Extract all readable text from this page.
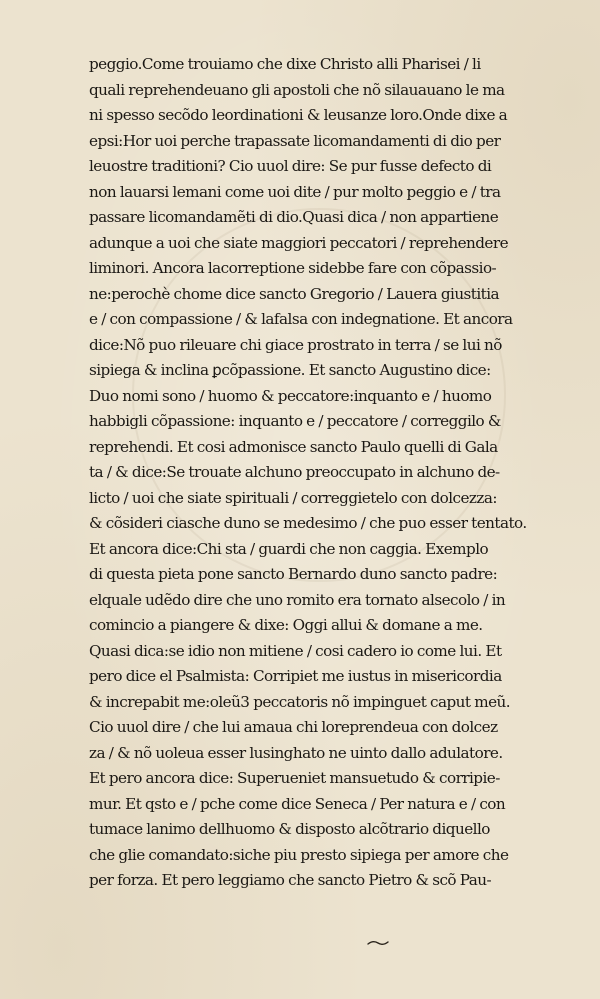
peggio.Come trouiamo che dixe Christo alli Pharisei / li
quali reprehendeuano gli apostoli che nõ silauauano le ma
ni spesso secõdo leordinationi & leusanze loro.Onde dixe a
epsi:Hor uoi perche trapassate licomandamenti di dio per
leuostre traditioni? Cio uuol dire: Se pur fusse defecto di
non lauarsi lemani come uoi dite / pur molto peggio e / tra
passare licomandamẽti di dio.Quasi dica / non appartiene
adunque a uoi che siate maggiori peccatori / reprehendere
liminori. Ancora lacorreptione sidebbe fare con cõpassio-
ne:perochè chome dice sancto Gregorio / Lauera giustitia
e / con compassione / & lafalsa con indegnatione. Et ancora
dice:Nõ puo rileuare chi giace prostrato in terra / se lui nõ
sipiega & inclina ꝑcõpassione. Et sancto Augustino dice:
Duo nomi sono / huomo & peccatore:inquanto e / huomo
habbigli cõpassione: inquanto e / peccatore / correggilo &
reprehendi. Et cosi admonisce sancto Paulo quelli di Gala
ta / & dice:Se trouate alchuno preoccupato in alchuno de-
licto / uoi che siate spirituali / correggietelo con dolcezza:
& cõsideri ciasche duno se medesimo / che puo esser tentato.
Et ancora dice:Chi sta / guardi che non caggia. Exemplo
di questa pieta pone sancto Bernardo duno sancto padre:
elquale udẽdo dire che uno romito era tornato alsecolo / in
comincio a piangere & dixe: Oggi allui & domane a me.
Quasi dica:se idio non mitiene / cosi cadero io come lui. Et
pero dice el Psalmista: Corripiet me iustus in misericordia
& increpabit me:oleũ3 peccatoris nõ impinguet caput meũ.
Cio uuol dire / che lui amaua chi loreprendeua con dolcez
za / & nõ uoleua esser lusinghato ne uinto dallo adulatore.
Et pero ancora dice: Superueniet mansuetudo & corripie-
mur. Et qsto e / pche come dice Seneca / Per natura e / con
tumace lanimo dellhuomo & disposto alcõtrario diquello
che glie comandato:siche piu presto sipiega per amore che
per forza. Et pero leggiamo che sancto Pietro & scõ Pau-
